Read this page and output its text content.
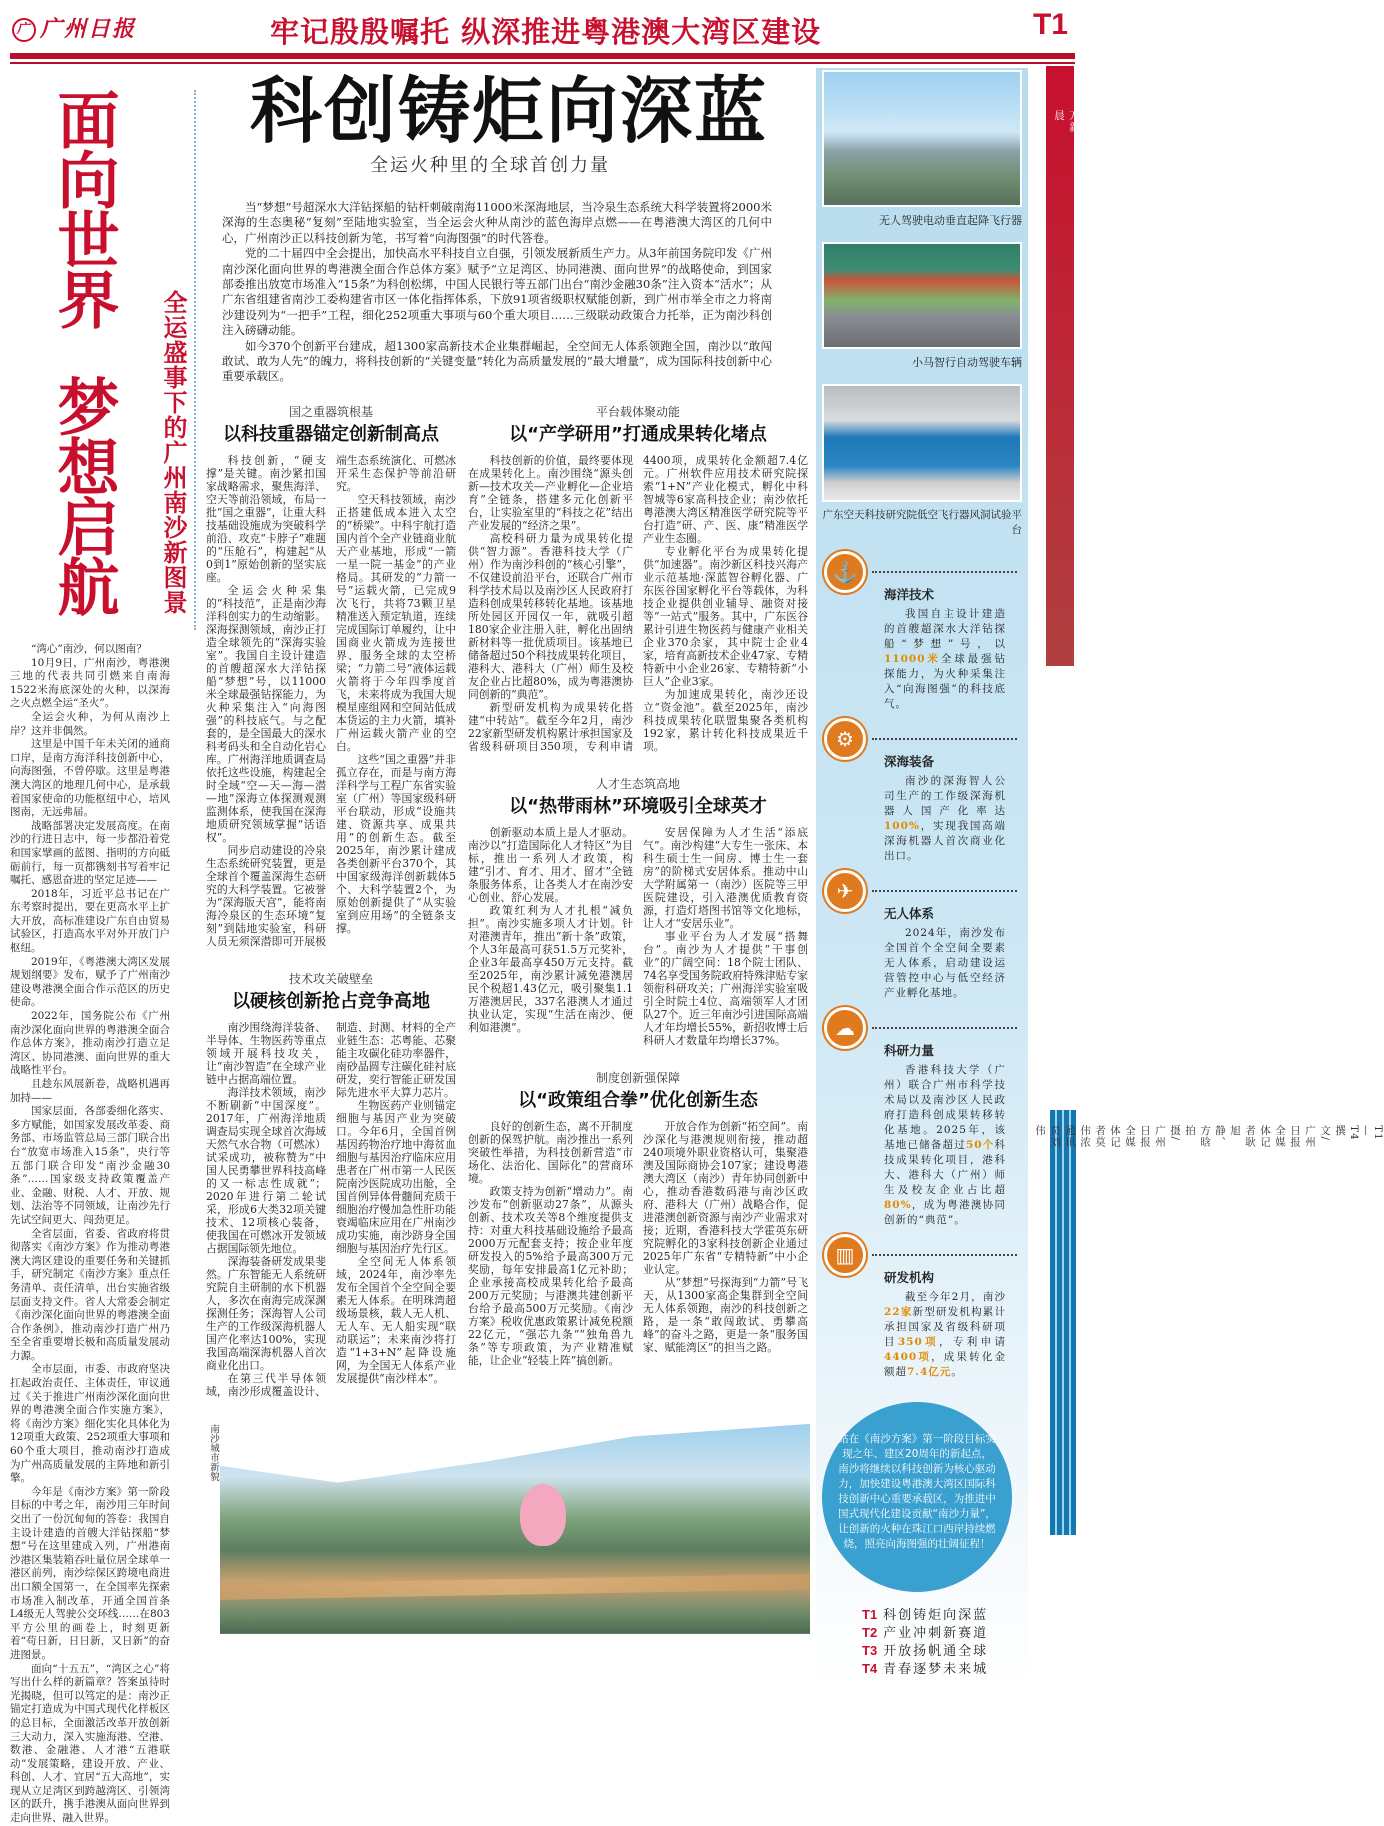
广 广州日报	牢记殷殷嘱托 纵深推进粤港澳大湾区建设	T1
2025年11月6日星期四 责任编辑：梁信薇 逯旭瑞 美术编辑：万新晨
T1—T4撰文/广州日报全媒体记者耿旭静、方晗 拍摄/广州日报全媒体记者莫伟浓 通讯员刘伟
面向世界
梦想启航 全运盛事下的广州南沙新图景

“湾心”南沙，何以图南？

10月9日，广州南沙，粤港澳三地的代表共同引燃来自南海1522米海底深处的火种，以深海之火点燃全运“圣火”。

全运会火种，为何从南沙上岸？这并非偶然。

这里是中国千年未关闭的通商口岸，是南方海洋科技创新中心，向海图强，不曾停歇。这里是粤港澳大湾区的地理几何中心，是承载着国家使命的功能枢纽中心，培风图南，无远弗届。

战略部署决定发展高度。在南沙的行进日志中，每一步都沿着党和国家擘画的蓝图、指明的方向砥砺前行，每一页都镌刻书写着牢记嘱托、感恩奋进的坚定足迹——

2018年，习近平总书记在广东考察时提出，要在更高水平上扩大开放，高标准建设广东自由贸易试验区，打造高水平对外开放门户枢纽。

2019年，《粤港澳大湾区发展规划纲要》发布，赋予了广州南沙建设粤港澳全面合作示范区的历史使命。

2022年，国务院公布《广州南沙深化面向世界的粤港澳全面合作总体方案》，推动南沙打造立足湾区、协同港澳、面向世界的重大战略性平台。

且趁东风展新卷，战略机遇再加持——

国家层面，各部委细化落实、多方赋能，如国家发展改革委、商务部、市场监管总局三部门联合出台“放宽市场准入15条”，央行等五部门联合印发“南沙金融30条”……国家级支持政策覆盖产业、金融、财税、人才、开放、规划、法治等不同领域，让南沙先行先试空间更大、闯劲更足。

全省层面，省委、省政府将贯彻落实《南沙方案》作为推动粤港澳大湾区建设的重要任务和关键抓手，研究制定《南沙方案》重点任务清单、责任清单，出台实施省级层面支持文件。省人大常委会制定《南沙深化面向世界的粤港澳全面合作条例》，推动南沙打造广州乃至全省重要增长极和高质量发展动力源。

全市层面，市委、市政府坚决扛起政治责任、主体责任，审议通过《关于推进广州南沙深化面向世界的粤港澳全面合作实施方案》，将《南沙方案》细化实化具体化为12项重大政策、252项重大事项和60个重大项目，推动南沙打造成为广州高质量发展的主阵地和新引擎。

今年是《南沙方案》第一阶段目标的中考之年，南沙用三年时间交出了一份沉甸甸的答卷：我国自主设计建造的首艘大洋钻探船“梦想”号在这里建成入列，广州港南沙港区集装箱吞吐量位居全球单一港区前列，南沙综保区跨境电商进出口额全国第一，在全国率先探索市场准入制改革，开通全国首条L4级无人驾驶公交环线……在803平方公里的画卷上，时刻更新着“苟日新，日日新，又日新”的奋进图景。

面向“十五五”，“湾区之心”将写出什么样的新篇章？答案虽待时光揭晓，但可以笃定的是：南沙正锚定打造成为中国式现代化样板区的总目标，全面激活改革开放创新三大动力，深入实施海港、空港、数港、金融港、人才港“五港联动”发展策略，建设开放、产业、科创、人才、宜居“五大高地”，实现从立足湾区到跨越湾区、引领湾区的跃升，携手港澳从面向世界到走向世界、融入世界。

科创铸炬向深蓝
全运火种里的全球首创力量

当“梦想”号超深水大洋钻探船的钻杆刺破南海11000米深海地层，当冷泉生态系统大科学装置将2000米深海的生态奥秘“复刻”至陆地实验室，当全运会火种从南沙的蓝色海岸点燃——在粤港澳大湾区的几何中心，广州南沙正以科技创新为笔，书写着“向海图强”的时代答卷。

党的二十届四中全会提出，加快高水平科技自立自强，引领发展新质生产力。从3年前国务院印发《广州南沙深化面向世界的粤港澳全面合作总体方案》赋予“立足湾区、协同港澳、面向世界”的战略使命，到国家部委推出放宽市场准入“15条”为科创松绑，中国人民银行等五部门出台“南沙金融30条”注入资本“活水”；从广东省组建省南沙工委构建省市区一体化指挥体系，下放91项省级职权赋能创新，到广州市举全市之力将南沙建设列为“一把手”工程，细化252项重大事项与60个重大项目……三级联动政策合力托举，正为南沙科创注入磅礴动能。

如今370个创新平台建成，超1300家高新技术企业集群崛起，全空间无人体系领跑全国，南沙以“敢闯敢试、敢为人先”的魄力，将科技创新的“关键变量”转化为高质量发展的“最大增量”，成为国际科技创新中心重要承载区。

国之重器筑根基
以科技重器锚定创新制高点

科技创新，“硬支撑”是关键。南沙紧扣国家战略需求，聚焦海洋、空天等前沿领域，布局一批“国之重器”，让重大科技基础设施成为突破科学前沿、攻克“卡脖子”难题的“压舱石”，构建起“从0到1”原始创新的坚实底座。

全运会火种采集的“科技范”，正是南沙海洋科创实力的生动缩影。深海探测领域，南沙正打造全球领先的“深海实验室”。我国自主设计建造的首艘超深水大洋钻探船“梦想”号，以11000米全球最强钻探能力，为火种采集注入“向海图强”的科技底气。与之配套的，是全国最大的深水科考码头和全自动化岩心库。广州海洋地质调查局依托这些设施，构建起全时全域“空—天—海—潜—地”深海立体探测观测监测体系，使我国在深海地质研究领域掌握“话语权”。

同步启动建设的冷泉生态系统研究装置，更是全球首个覆盖深海生态研究的大科学装置。它被誉为“深海版天宫”，能将南海冷泉区的生态环境“复刻”到陆地实验室，科研人员无须深潜即可开展极端生态系统演化、可燃冰开采生态保护等前沿研究。

空天科技领域，南沙正搭建低成本进入太空的“桥梁”。中科宇航打造国内首个全产业链商业航天产业基地，形成“一箭一星一院一基金”的产业格局。其研发的“力箭一号”运载火箭，已完成9次飞行，共将73颗卫星精准送入预定轨道，连续完成国际订单履约，让中国商业火箭成为连接世界、服务全球的太空桥梁；“力箭二号”液体运载火箭将于今年四季度首飞，未来将成为我国大规模星座组网和空间站低成本货运的主力火箭，填补广州运载火箭产业的空白。

这些“国之重器”并非孤立存在，而是与南方海洋科学与工程广东省实验室（广州）等国家级科研平台联动，形成“设施共建、资源共享、成果共用”的创新生态。截至2025年，南沙累计建成各类创新平台370个，其中国家级海洋创新载体5个、大科学装置2个，为原始创新提供了“从实验室到应用场”的全链条支撑。

技术攻关破壁垒
以硬核创新抢占竞争高地

南沙围绕海洋装备、半导体、生物医药等重点领域开展科技攻关，让“南沙智造”在全球产业链中占据高端位置。

海洋技术领域，南沙不断刷新“中国深度”。2017年，广州海洋地质调查局实现全球首次海域天然气水合物（可燃冰）试采成功，被称赞为“中国人民勇攀世界科技高峰的又一标志性成就”；2020年进行第二轮试采，形成6大类32项关键技术、12项核心装备，使我国在可燃冰开发领域占据国际领先地位。

深海装备研发成果斐然。广东智能无人系统研究院自主研制的水下机器人，多次在南海完成深渊探测任务；深海智人公司生产的工作级深海机器人国产化率达100%，实现我国高端深海机器人首次商业化出口。

在第三代半导体领域，南沙形成覆盖设计、制造、封测、材料的全产业链生态：芯粤能、芯聚能主攻碳化硅功率器件，南砂晶圆专注碳化硅衬底研发，奕行智能正研发国际先进水平大算力芯片。

生物医药产业则锚定细胞与基因产业为突破口。今年6月，全国首例基因药物治疗地中海贫血细胞与基因治疗临床应用患者在广州市第一人民医院南沙医院成功出舱，全国首例异体骨髓间充质干细胞治疗慢加急性肝功能衰竭临床应用在广州南沙成功实施，南沙跻身全国细胞与基因治疗先行区。

全空间无人体系领域，2024年，南沙率先发布全国首个全空间全要素无人体系。在明珠湾超级场景核，载人无人机、无人车、无人船实现“联动联运”；未来南沙将打造“1+3+N”起降设施网，为全国无人体系产业发展提供“南沙样本”。

平台载体聚动能
以“产学研用”打通成果转化堵点

科技创新的价值，最终要体现在成果转化上。南沙围绕“源头创新—技术攻关—产业孵化—企业培育”全链条，搭建多元化创新平台，让实验室里的“科技之花”结出产业发展的“经济之果”。

高校科研力量为成果转化提供“智力源”。香港科技大学（广州）作为南沙科创的“核心引擎”，不仅建设前沿平台，还联合广州市科学技术局以及南沙区人民政府打造科创成果转移转化基地。该基地所处园区开园仅一年，就吸引超180家企业注册入驻，孵化出固纳新材料等一批优质项目。该基地已储备超过50个科技成果转化项目，港科大、港科大（广州）师生及校友企业占比超80%，成为粤港澳协同创新的“典范”。

新型研发机构为成果转化搭建“中转站”。截至今年2月，南沙22家新型研发机构累计承担国家及省级科研项目350项，专利申请4400项，成果转化金额超7.4亿元。广州软件应用技术研究院探索“1+N”产业化模式，孵化中科智城等6家高科技企业；南沙依托粤港澳大湾区精准医学研究院等平台打造“研、产、医、康”精准医学产业生态圈。

专业孵化平台为成果转化提供“加速器”。南沙新区科技兴海产业示范基地·深蓝智谷孵化器、广东医谷国家孵化平台等载体，为科技企业提供创业辅导、融资对接等“一站式”服务。其中，广东医谷累计引进生物医药与健康产业相关企业370余家，其中院士企业4家，培育高新技术企业47家、专精特新中小企业26家、专精特新“小巨人”企业3家。

为加速成果转化，南沙还设立“资金池”。截至2025年，南沙科技成果转化联盟集聚各类机构192家，累计转化科技成果近千项。

人才生态筑高地
以“热带雨林”环境吸引全球英才

创新驱动本质上是人才驱动。南沙以“打造国际化人才特区”为目标，推出一系列人才政策，构建“引才、育才、用才、留才”全链条服务体系，让各类人才在南沙安心创业、舒心发展。

政策红利为人才扎根“减负担”。南沙实施多项人才计划。针对港澳青年，推出“新十条”政策，个人3年最高可获51.5万元奖补，企业3年最高享450万元支持。截至2025年，南沙累计减免港澳居民个税超1.43亿元，吸引聚集1.1万港澳居民，337名港澳人才通过执业认定，实现“生活在南沙、便利如港澳”。

安居保障为人才生活“添底气”。南沙构建“大专生一张床、本科生硕士生一间房、博士生一套房”的阶梯式安居体系。推动中山大学附属第一（南沙）医院等三甲医院建设，引入港澳优质教育资源，打造灯塔图书馆等文化地标，让人才“安居乐业”。

事业平台为人才发展“搭舞台”。南沙为人才提供“干事创业”的广阔空间：18个院士团队、74名享受国务院政府特殊津贴专家领衔科研攻关；广州海洋实验室吸引全时院士4位、高端领军人才团队27个。近三年南沙引进国际高端人才年均增长55%，新招收博士后科研人才数量年均增长37%。

制度创新强保障
以“政策组合拳”优化创新生态

良好的创新生态，离不开制度创新的保驾护航。南沙推出一系列突破性举措，为科技创新营造“市场化、法治化、国际化”的营商环境。

政策支持为创新“增动力”。南沙发布“创新驱动27条”，从源头创新、技术攻关等8个维度提供支持：对重大科技基础设施给予最高2000万元配套支持；按企业年度研发投入的5%给予最高300万元奖励，每年安排最高1亿元补助；企业承接高校成果转化给予最高200万元奖励；与港澳共建创新平台给予最高500万元奖励。《南沙方案》税收优惠政策累计减免税额22亿元，“强芯九条”“独角兽九条”等专项政策，为产业精准赋能，让企业“轻装上阵”搞创新。

开放合作为创新“拓空间”。南沙深化与港澳规则衔接，推动超240项境外职业资格认可，集聚港澳及国际商协会107家；建设粤港澳大湾区（南沙）青年协同创新中心，推动香港数码港与南沙区政府、港科大（广州）战略合作，促进港澳创新资源与南沙产业需求对接；近期，香港科技大学霍英东研究院孵化的3家科技创新企业通过2025年广东省“专精特新”中小企业认定。

从“梦想”号探海到“力箭”号飞天，从1300家高企集群到全空间无人体系领跑，南沙的科技创新之路，是一条“敢闯敢试、勇攀高峰”的奋斗之路，更是一条“服务国家、赋能湾区”的担当之路。

南沙城市新貌
无人驾驶电动垂直起降飞行器
小马智行自动驾驶车辆
广东空天科技研究院低空飞行器风洞试验平台
⚓
海洋技术
我国自主设计建造的首艘超深水大洋钻探船“梦想”号，以11000米全球最强钻探能力，为火种采集注入“向海图强”的科技底气。
⚙
深海装备
南沙的深海智人公司生产的工作级深海机器人国产化率达100%，实现我国高端深海机器人首次商业化出口。
✈
无人体系
2024年，南沙发布全国首个全空间全要素无人体系，启动建设运营管控中心与低空经济产业孵化基地。
☁
科研力量
香港科技大学（广州）联合广州市科学技术局以及南沙区人民政府打造科创成果转移转化基地。2025年，该基地已储备超过50个科技成果转化项目，港科大、港科大（广州）师生及校友企业占比超80%，成为粤港澳协同创新的“典范”。
▥
研发机构
截至今年2月，南沙22家新型研发机构累计承担国家及省级科研项目350项，专利申请4400项，成果转化金额超7.4亿元。
站在《南沙方案》第一阶段目标实现之年、建区20周年的新起点，南沙将继续以科技创新为核心驱动力，加快建设粤港澳大湾区国际科技创新中心重要承载区，为推进中国式现代化建设贡献“南沙力量”，让创新的火种在珠江口西岸持续燃烧，照亮向海图强的壮阔征程！
T1 科创铸炬向深蓝
T2 产业冲刺新赛道
T3 开放扬帆通全球
T4 青春逐梦未来城
